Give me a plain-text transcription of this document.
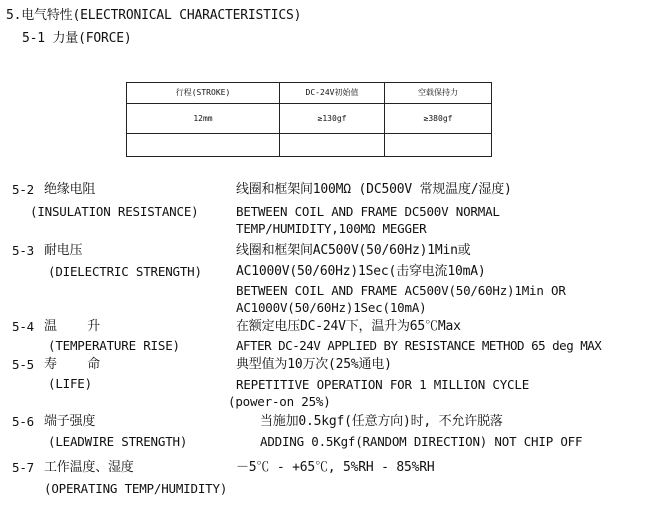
5.电气特性(ELECTRONICAL CHARACTERISTICS)
5-1 力量(FORCE)
行程(STROKE)	DC-24V初始值	空载保持力
12mm	≥130gf	≥380gf

5-2 绝缘电阻
(INSULATION RESISTANCE)
线圈和框架间100MΩ (DC500V 常规温度/湿度)
BETWEEN COIL AND FRAME DC500V NORMAL
TEMP/HUMIDITY,100MΩ MEGGER
5-3 耐电压
(DIELECTRIC STRENGTH)
线圈和框架间AC500V(50/60Hz)1Min或
AC1000V(50/60Hz)1Sec(击穿电流10mA)
BETWEEN COIL AND FRAME AC500V(50/60Hz)1Min OR
AC1000V(50/60Hz)1Sec(10mA)
5-4 温    升
(TEMPERATURE RISE)
在额定电压DC-24V下，温升为65℃Max
AFTER DC-24V APPLIED BY RESISTANCE METHOD 65 deg MAX
5-5 寿    命
(LIFE)
典型值为10万次(25%通电)
REPETITIVE OPERATION FOR 1 MILLION CYCLE
(power-on 25%)
5-6 端子强度
(LEADWIRE STRENGTH)
当施加0.5kgf(任意方向)时, 不允许脱落
ADDING 0.5Kgf(RANDOM DIRECTION) NOT CHIP OFF
5-7 工作温度、湿度
(OPERATING TEMP/HUMIDITY)
－5℃ - +65℃, 5%RH - 85%RH
